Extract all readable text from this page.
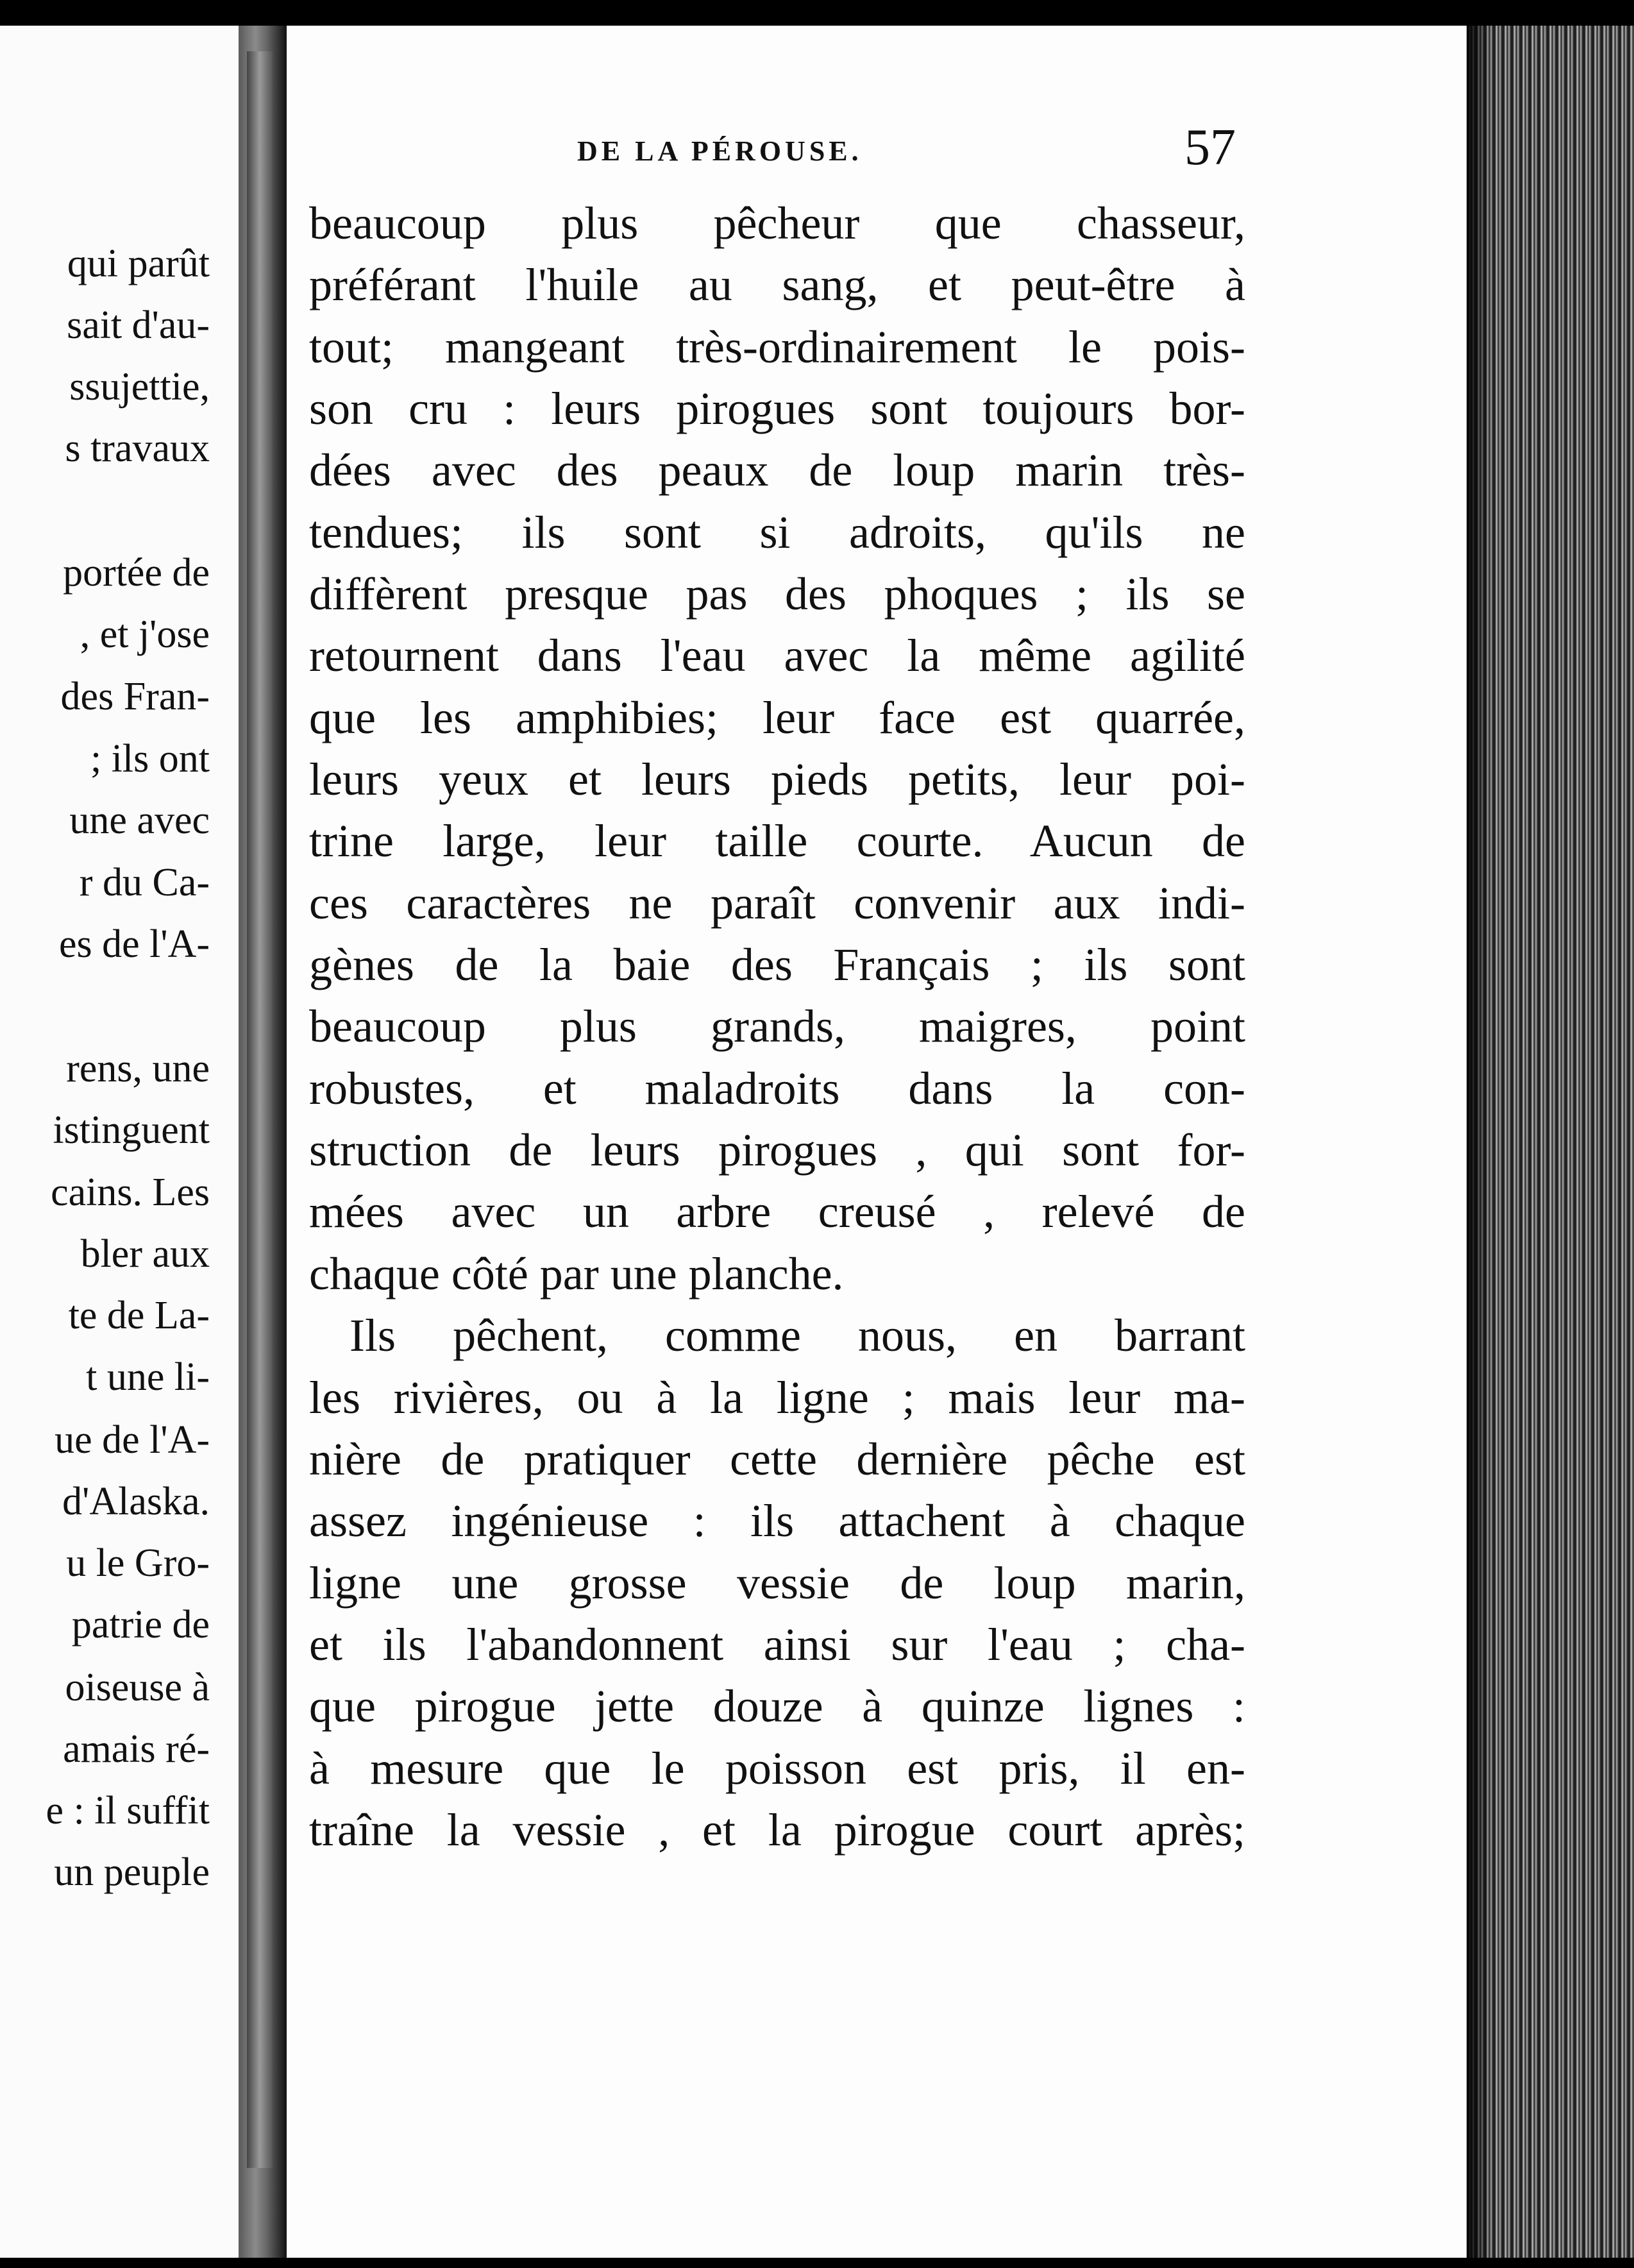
qui parût
sait d'au-
ssujettie,
s travaux
portée de
, et j'ose
des Fran-
; ils ont
une avec
r du Ca-
es de l'A-
rens, une
istinguent
cains. Les
bler aux
te de La-
t une li-
ue de l'A-
d'Alaska.
u le Gro-
patrie de
oiseuse à
amais ré-
e : il suffit
un peuple
DE LA PÉROUSE.	57
beaucoup plus pêcheur que chasseur,
préférant l'huile au sang, et peut-être à
tout; mangeant très-ordinairement le pois-
son cru : leurs pirogues sont toujours bor-
dées avec des peaux de loup marin très-
tendues; ils sont si adroits, qu'ils ne
diffèrent presque pas des phoques ; ils se
retournent dans l'eau avec la même agilité
que les amphibies; leur face est quarrée,
leurs yeux et leurs pieds petits, leur poi-
trine large, leur taille courte. Aucun de
ces caractères ne paraît convenir aux indi-
gènes de la baie des Français ; ils sont
beaucoup plus grands, maigres, point
robustes, et maladroits dans la con-
struction de leurs pirogues , qui sont for-
mées avec un arbre creusé , relevé de
chaque côté par une planche.
Ils pêchent, comme nous, en barrant
les rivières, ou à la ligne ; mais leur ma-
nière de pratiquer cette dernière pêche est
assez ingénieuse : ils attachent à chaque
ligne une grosse vessie de loup marin,
et ils l'abandonnent ainsi sur l'eau ; cha-
que pirogue jette douze à quinze lignes :
à mesure que le poisson est pris, il en-
traîne la vessie , et la pirogue court après;
